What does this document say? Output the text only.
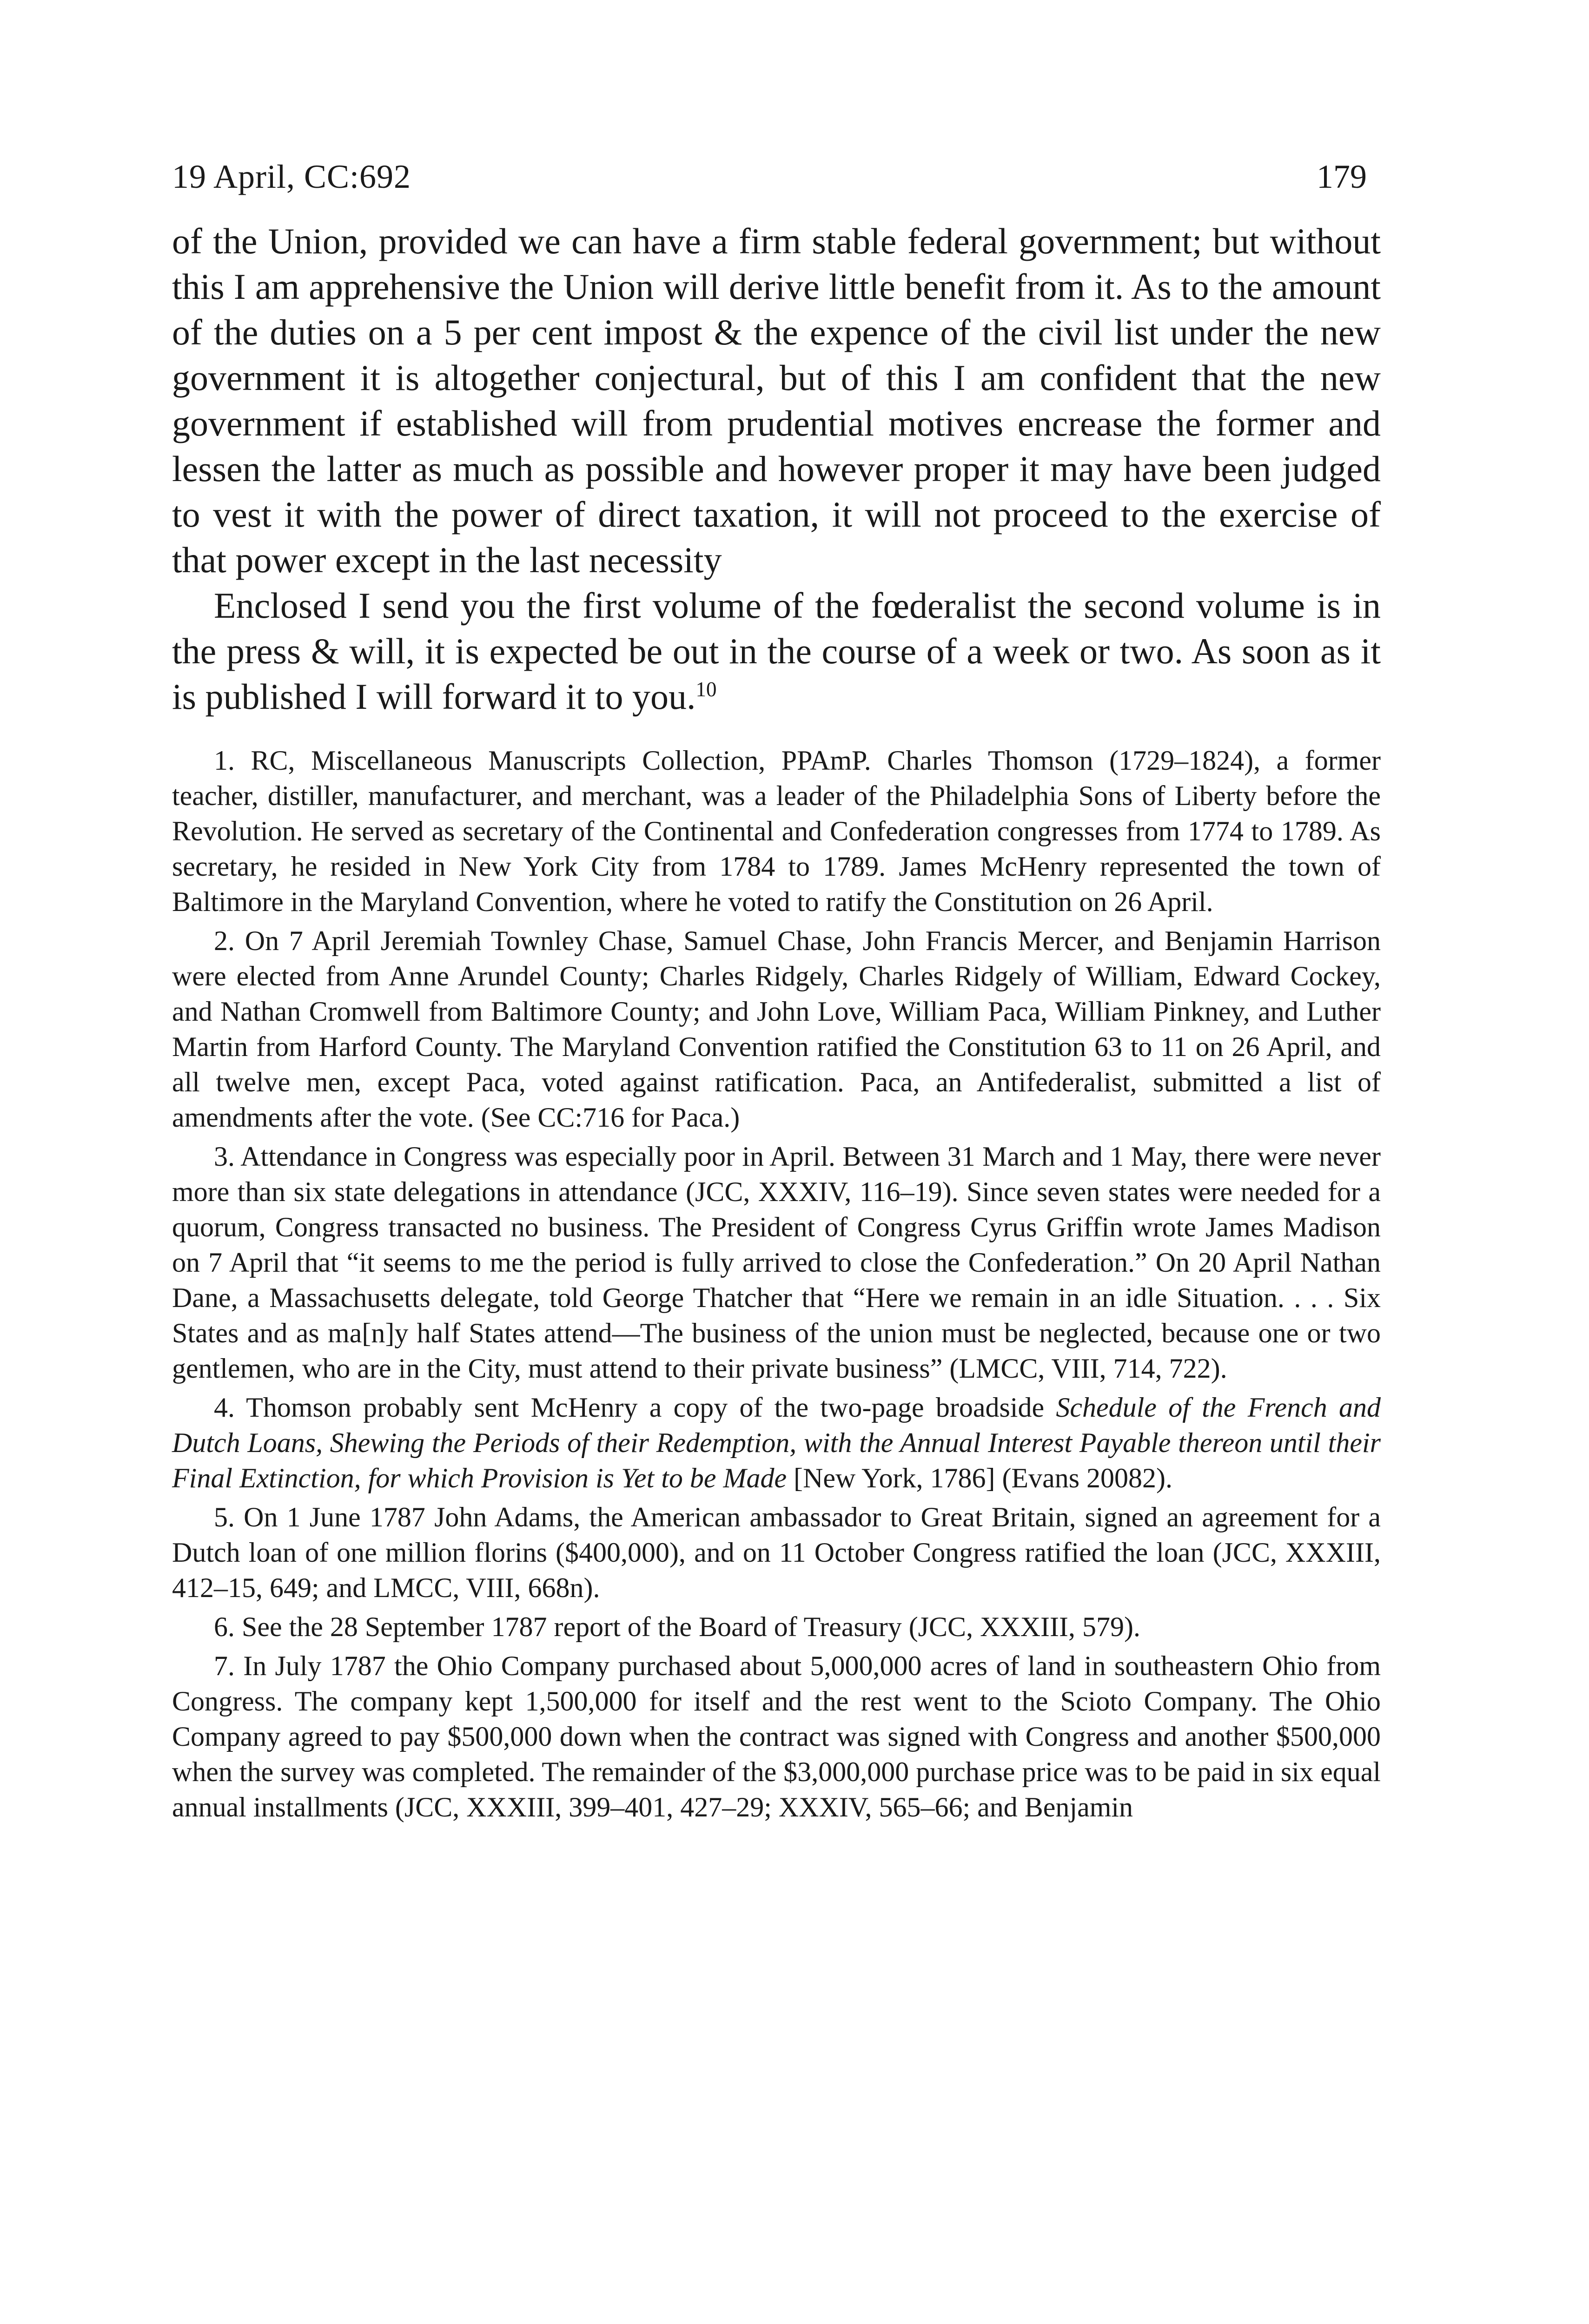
19 April, CC:692	179

of the Union, provided we can have a firm stable federal government; but without this I am apprehensive the Union will derive little benefit from it. As to the amount of the duties on a 5 per cent impost & the expence of the civil list under the new government it is altogether conjectural, but of this I am confident that the new government if established will from prudential motives encrease the former and lessen the latter as much as possible and however proper it may have been judged to vest it with the power of direct taxation, it will not proceed to the exercise of that power except in the last necessity

Enclosed I send you the first volume of the fœderalist the second volume is in the press & will, it is expected be out in the course of a week or two. As soon as it is published I will forward it to you.$^{10}$

1. RC, Miscellaneous Manuscripts Collection, PPAmP. Charles Thomson (1729–1824), a former teacher, distiller, manufacturer, and merchant, was a leader of the Philadelphia Sons of Liberty before the Revolution. He served as secretary of the Continental and Confederation congresses from 1774 to 1789. As secretary, he resided in New York City from 1784 to 1789. James McHenry represented the town of Baltimore in the Maryland Convention, where he voted to ratify the Constitution on 26 April.

2. On 7 April Jeremiah Townley Chase, Samuel Chase, John Francis Mercer, and Benjamin Harrison were elected from Anne Arundel County; Charles Ridgely, Charles Ridgely of William, Edward Cockey, and Nathan Cromwell from Baltimore County; and John Love, William Paca, William Pinkney, and Luther Martin from Harford County. The Maryland Convention ratified the Constitution 63 to 11 on 26 April, and all twelve men, except Paca, voted against ratification. Paca, an Antifederalist, submitted a list of amendments after the vote. (See CC:716 for Paca.)

3. Attendance in Congress was especially poor in April. Between 31 March and 1 May, there were never more than six state delegations in attendance (JCC, XXXIV, 116–19). Since seven states were needed for a quorum, Congress transacted no business. The President of Congress Cyrus Griffin wrote James Madison on 7 April that “it seems to me the period is fully arrived to close the Confederation.” On 20 April Nathan Dane, a Massachusetts delegate, told George Thatcher that “Here we remain in an idle Situation. . . . Six States and as ma[n]y half States attend—The business of the union must be neglected, because one or two gentlemen, who are in the City, must attend to their private business” (LMCC, VIII, 714, 722).

4. Thomson probably sent McHenry a copy of the two-page broadside Schedule of the French and Dutch Loans, Shewing the Periods of their Redemption, with the Annual Interest Payable thereon until their Final Extinction, for which Provision is Yet to be Made [New York, 1786] (Evans 20082).

5. On 1 June 1787 John Adams, the American ambassador to Great Britain, signed an agreement for a Dutch loan of one million florins ($400,000), and on 11 October Congress ratified the loan (JCC, XXXIII, 412–15, 649; and LMCC, VIII, 668n).

6. See the 28 September 1787 report of the Board of Treasury (JCC, XXXIII, 579).

7. In July 1787 the Ohio Company purchased about 5,000,000 acres of land in southeastern Ohio from Congress. The company kept 1,500,000 for itself and the rest went to the Scioto Company. The Ohio Company agreed to pay $500,000 down when the contract was signed with Congress and another $500,000 when the survey was completed. The remainder of the $3,000,000 purchase price was to be paid in six equal annual installments (JCC, XXXIII, 399–401, 427–29; XXXIV, 565–66; and Benjamin
